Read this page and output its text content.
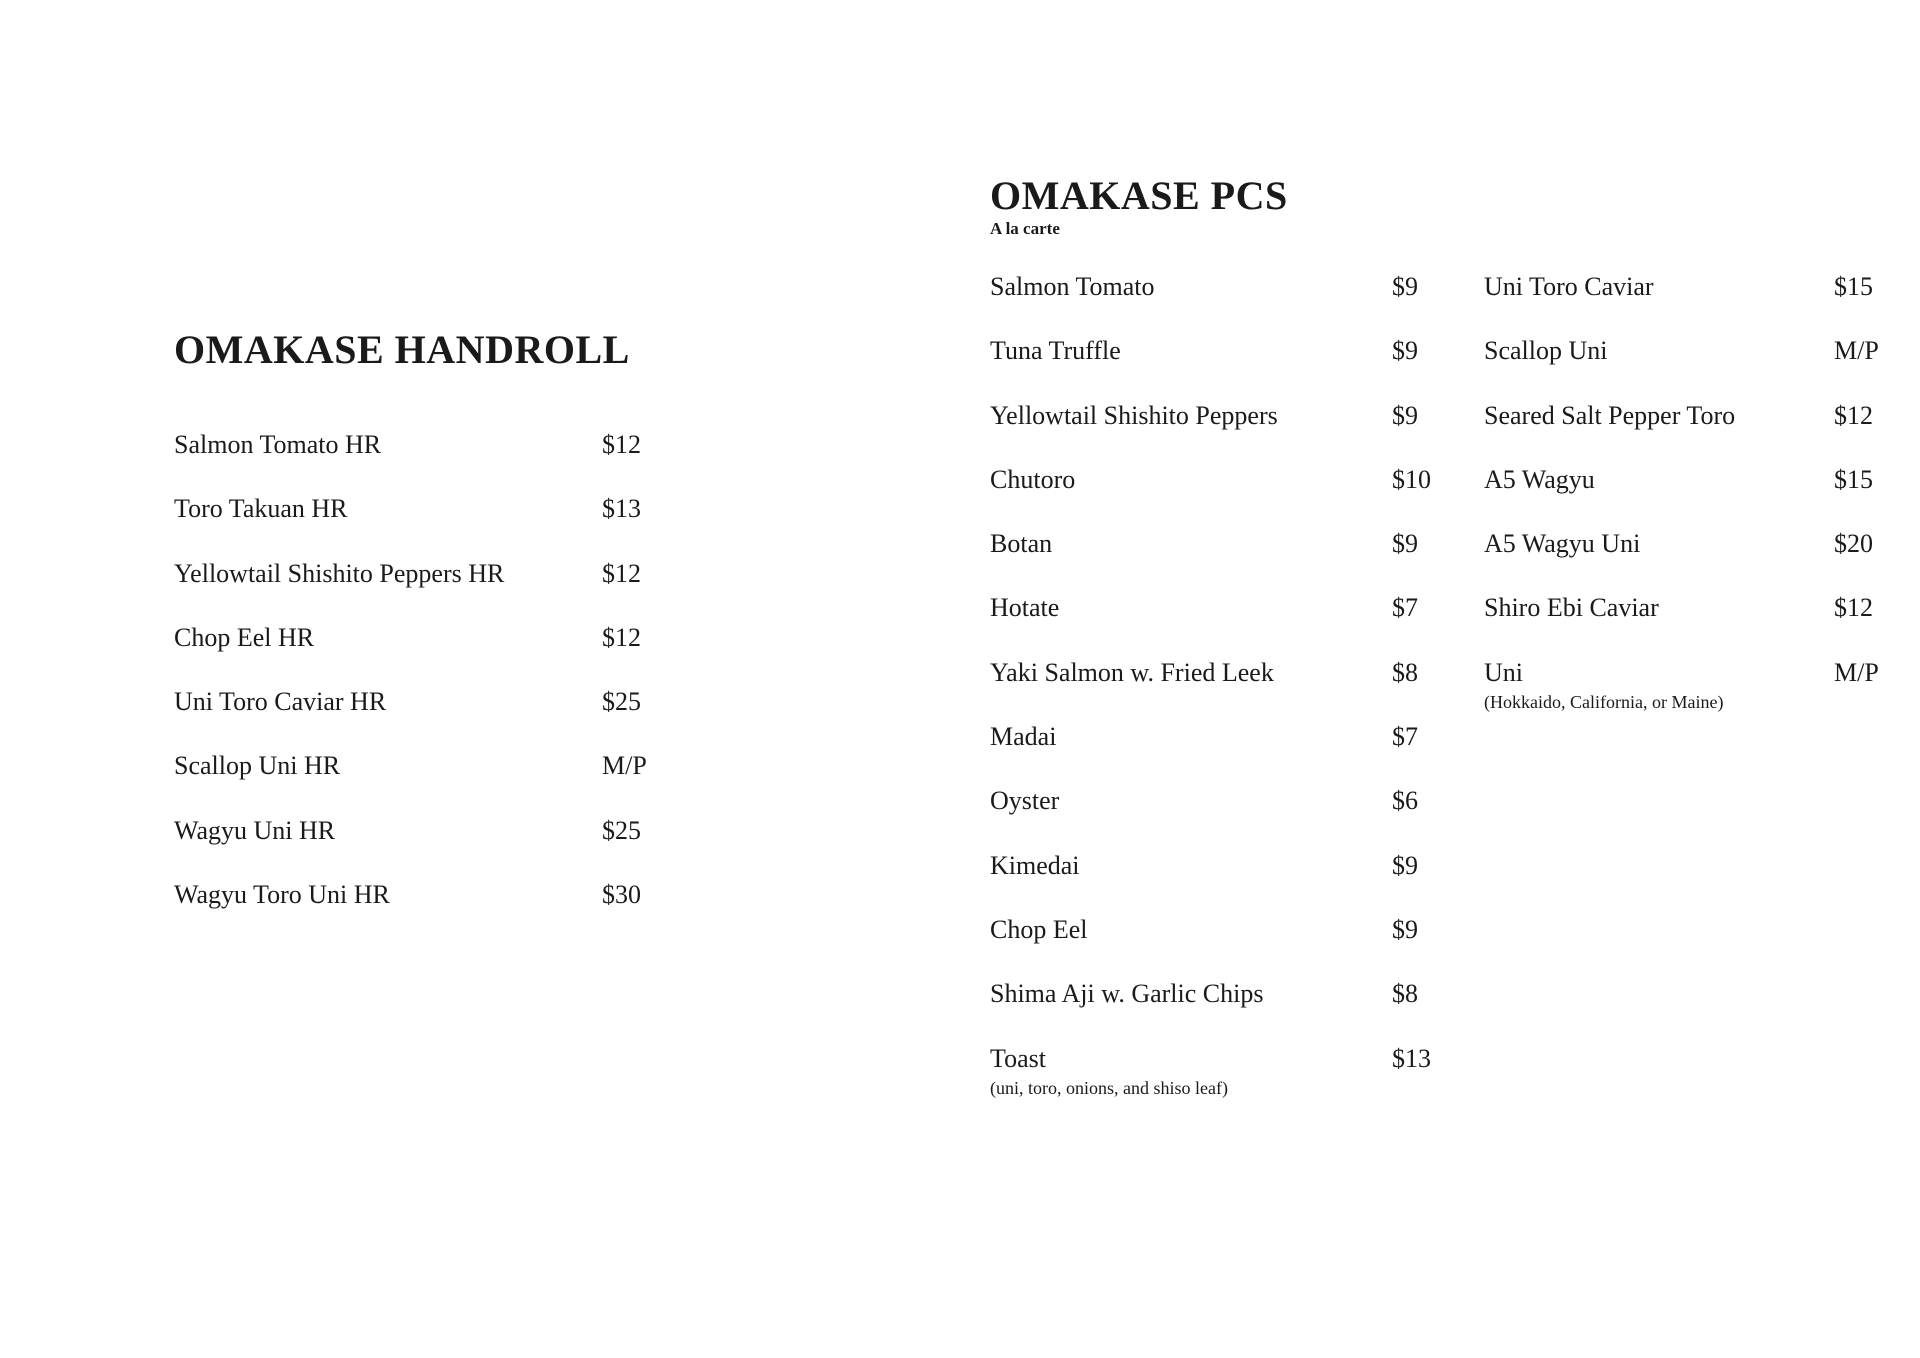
OMAKASE HANDROLL
Salmon Tomato HR	$12
Toro Takuan HR	$13
Yellowtail Shishito Peppers HR	$12
Chop Eel HR	$12
Uni Toro Caviar HR	$25
Scallop Uni HR	M/P
Wagyu Uni HR	$25
Wagyu Toro Uni HR	$30
OMAKASE PCS
A la carte
Salmon Tomato	$9
Tuna Truffle	$9
Yellowtail Shishito Peppers	$9
Chutoro	$10
Botan	$9
Hotate	$7
Yaki Salmon w. Fried Leek	$8
Madai	$7
Oyster	$6
Kimedai	$9
Chop Eel	$9
Shima Aji w. Garlic Chips	$8
Toast	$13
(uni, toro, onions, and shiso leaf)
Uni Toro Caviar	$15
Scallop Uni	M/P
Seared Salt Pepper Toro	$12
A5 Wagyu	$15
A5 Wagyu Uni	$20
Shiro Ebi Caviar	$12
Uni	M/P
(Hokkaido, California, or Maine)
